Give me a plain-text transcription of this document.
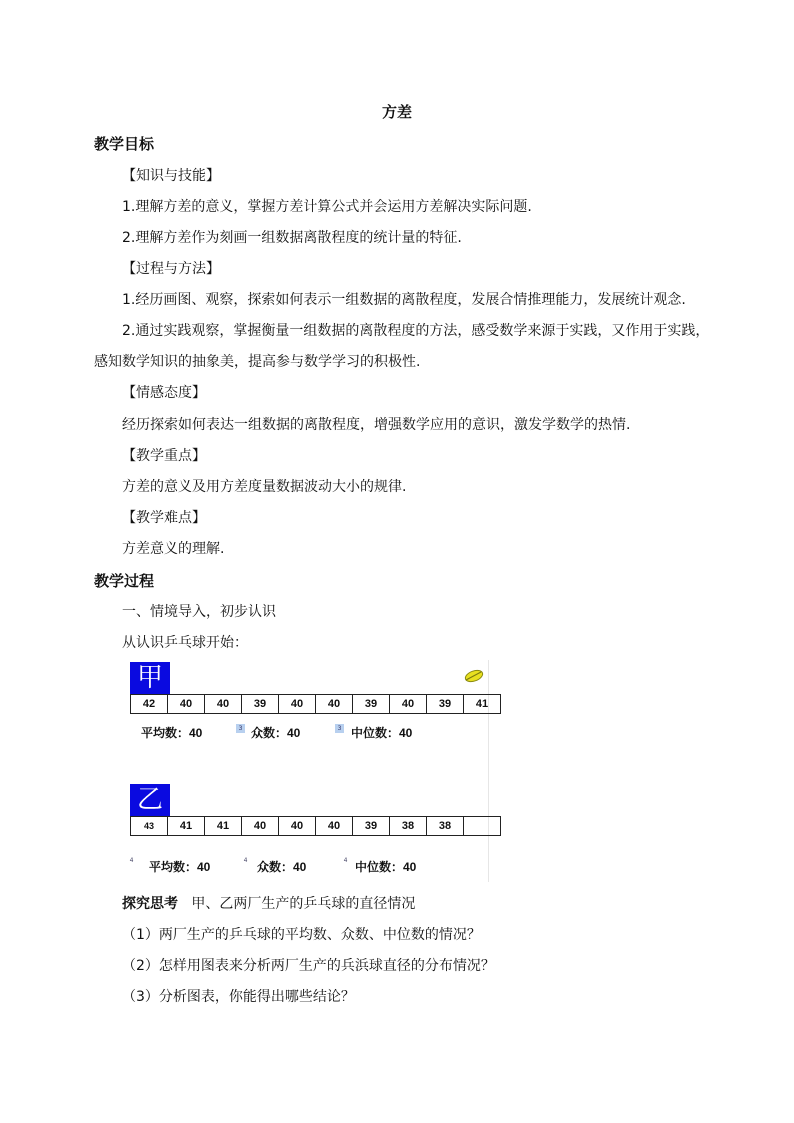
方差
教学目标
【知识与技能】
1.理解方差的意义，掌握方差计算公式并会运用方差解决实际问题.
2.理解方差作为刻画一组数据离散程度的统计量的特征.
【过程与方法】
1.经历画图、观察，探索如何表示一组数据的离散程度，发展合情推理能力，发展统计观念.
2.通过实践观察，掌握衡量一组数据的离散程度的方法，感受数学来源于实践，又作用于实践，
感知数学知识的抽象美，提高参与数学学习的积极性.
【情感态度】
经历探索如何表达一组数据的离散程度，增强数学应用的意识，激发学数学的热情.
【教学重点】
方差的意义及用方差度量数据波动大小的规律.
【教学难点】
方差意义的理解.
教学过程
一、情境导入，初步认识
从认识乒乓球开始：
甲
42	40	40	39	40	40	39	40	39	41
平均数：40	3 众数：40	3 中位数：40
乙
43	41	41	40	40	40	39	38	38
4 平均数：40	4 众数：40	4 中位数：40
探究思考 甲、乙两厂生产的乒乓球的直径情况
（1）两厂生产的乒乓球的平均数、众数、中位数的情况？
（2）怎样用图表来分析两厂生产的兵浜球直径的分布情况？
（3）分析图表，你能得出哪些结论？
